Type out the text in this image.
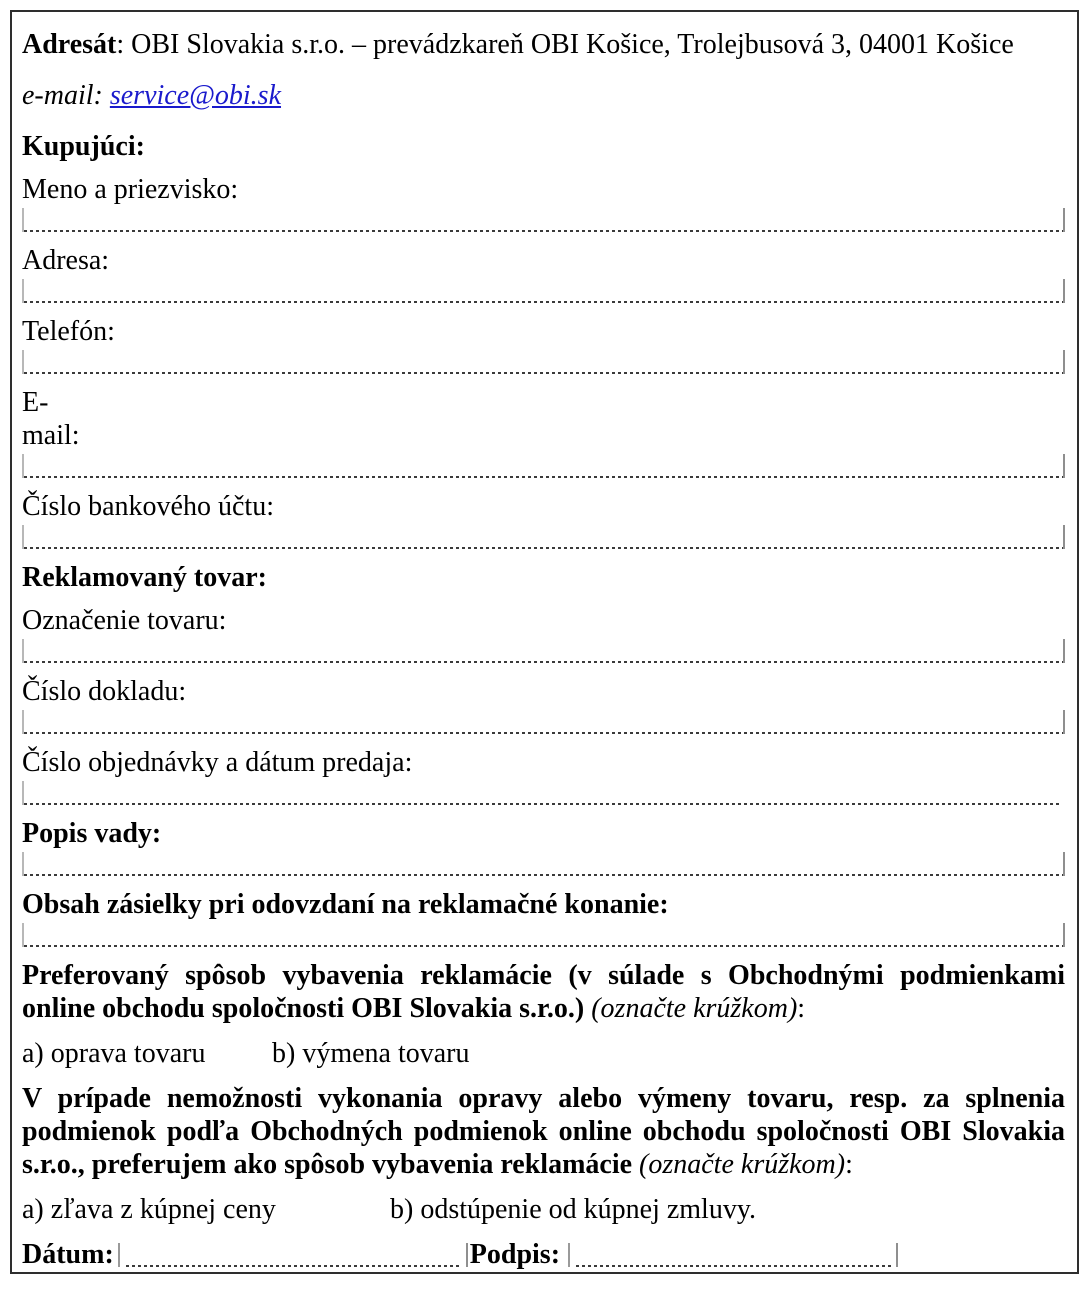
Adresát: OBI Slovakia s.r.o. – prevádzkareň OBI Košice, Trolejbusová 3, 04001 Košice

e-mail: service@obi.sk

Kupujúci:

Meno a priezvisko:

Adresa:

Telefón:

E-
mail:

Číslo bankového účtu:

Reklamovaný tovar:

Označenie tovaru:

Číslo dokladu:

Číslo objednávky a dátum predaja:

Popis vady:

Obsah zásielky pri odovzdaní na reklamačné konanie:

Preferovaný spôsob vybavenia reklamácie (v súlade s Obchodnými podmienkami online obchodu spoločnosti OBI Slovakia s.r.o.) (označte krúžkom):

a) oprava tovaru b) výmena tovaru

V prípade nemožnosti vykonania opravy alebo výmeny tovaru, resp. za splnenia podmienok podľa Obchodných podmienok online obchodu spoločnosti OBI Slovakia s.r.o., preferujem ako spôsob vybavenia reklamácie (označte krúžkom):

a) zľava z kúpnej ceny	b) odstúpenie od kúpnej zmluvy.

Dátum:	Podpis:
